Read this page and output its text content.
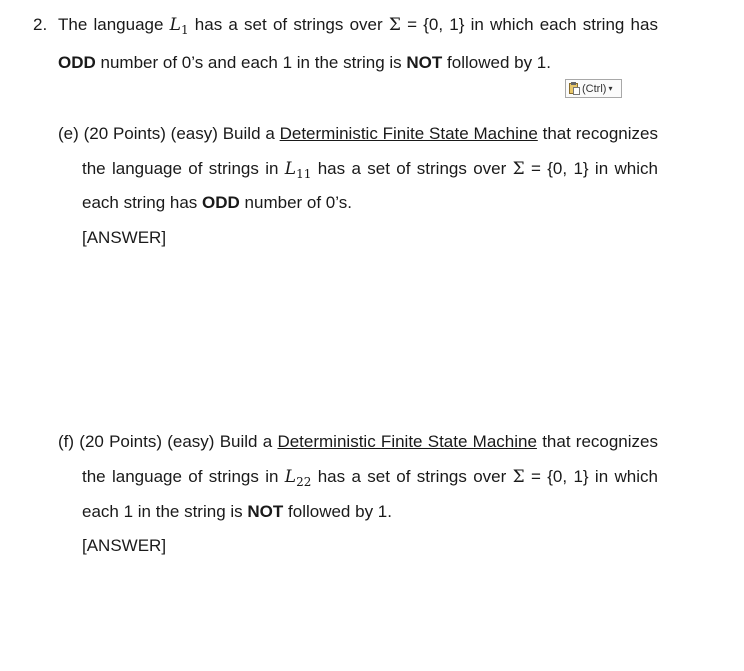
2. The language $L_1$ has a set of strings over Σ = {0, 1} in which each string has
ODD number of 0’s and each 1 in the string is NOT followed by 1.
(Ctrl) ▾
(e) (20 Points) (easy) Build a Deterministic Finite State Machine that recognizes
the language of strings in $L_{11}$ has a set of strings over Σ = {0, 1} in which
each string has ODD number of 0’s.
[ANSWER]
(f) (20 Points) (easy) Build a Deterministic Finite State Machine that recognizes
the language of strings in $L_{22}$ has a set of strings over Σ = {0, 1} in which
each 1 in the string is NOT followed by 1.
[ANSWER]
